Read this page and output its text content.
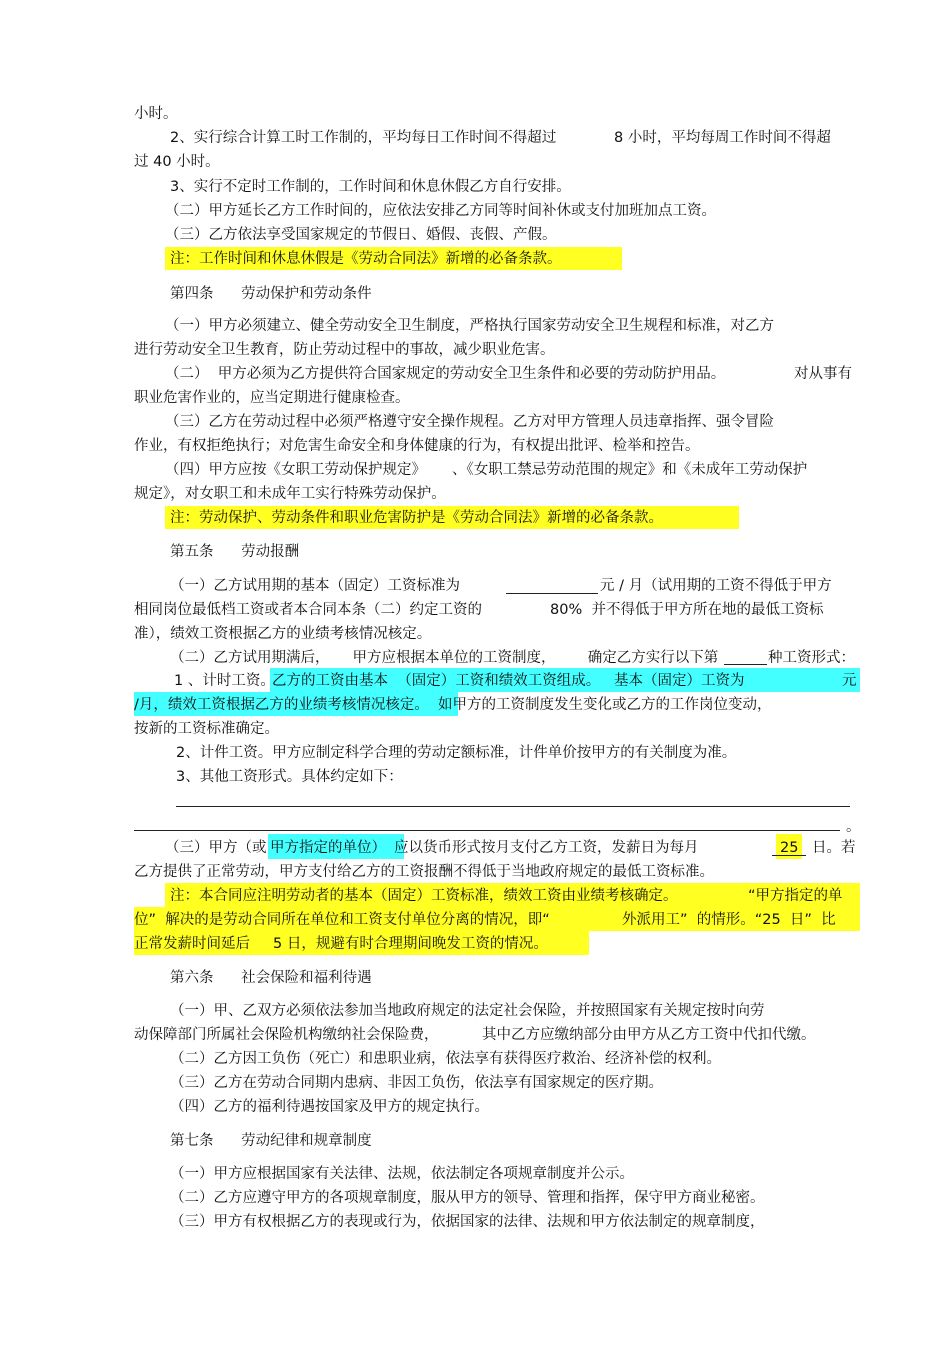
小时。
2、实行综合计算工时工作制的，平均每日工作时间不得超过	8 小时，平均每周工作时间不得超
过 40 小时。
3、实行不定时工作制的，工作时间和休息休假乙方自行安排。
（二）甲方延长乙方工作时间的，应依法安排乙方同等时间补休或支付加班加点工资。
（三）乙方依法享受国家规定的节假日、婚假、丧假、产假。
注：工作时间和休息休假是《劳动合同法》新增的必备条款。
第四条      劳动保护和劳动条件
（一）甲方必须建立、健全劳动安全卫生制度，严格执行国家劳动安全卫生规程和标准，对乙方
进行劳动安全卫生教育，防止劳动过程中的事故，减少职业危害。
（二）  甲方必须为乙方提供符合国家规定的劳动安全卫生条件和必要的劳动防护用品。	对从事有
职业危害作业的，应当定期进行健康检查。
（三）乙方在劳动过程中必须严格遵守安全操作规程。乙方对甲方管理人员违章指挥、强令冒险
作业，有权拒绝执行；对危害生命安全和身体健康的行为，有权提出批评、检举和控告。
（四）甲方应按《女职工劳动保护规定》 、《女职工禁忌劳动范围的规定》和《未成年工劳动保护
规定》，对女职工和未成年工实行特殊劳动保护。
注：劳动保护、劳动条件和职业危害防护是《劳动合同法》新增的必备条款。
第五条      劳动报酬
（一）乙方试用期的基本（固定）工资标准为	元 / 月（试用期的工资不得低于甲方
相同岗位最低档工资或者本合同本条（二）约定工资的	80%  并不得低于甲方所在地的最低工资标
准），绩效工资根据乙方的业绩考核情况核定。
（二）乙方试用期满后，     甲方应根据本单位的工资制度，       确定乙方实行以下第	种工资形式：
1 、计时工资。
乙方的工资由基本  （固定）工资和绩效工资组成。   基本（固定）工资为	元
/月，绩效工资根据乙方的业绩考核情况核定。 如甲方的工资制度发生变化或乙方的工作岗位变动，
按新的工资标准确定。
2、计件工资。甲方应制定科学合理的劳动定额标准，计件单价按甲方的有关制度为准。
3、其他工资形式。具体约定如下：
。
（三）甲方（或 甲方指定的单位） 应以货币形式按月支付乙方工资，发薪日为每月	25 日。若
乙方提供了正常劳动，甲方支付给乙方的工资报酬不得低于当地政府规定的最低工资标准。
注：本合同应注明劳动者的基本（固定）工资标准，绩效工资由业绩考核确定。	“甲方指定的单
位”  解决的是劳动合同所在单位和工资支付单位分离的情况，即“	外派用工”  的情形。“25  日”  比
正常发薪时间延后     5 日，规避有时合理期间晚发工资的情况。
第六条      社会保险和福利待遇
（一）甲、乙双方必须依法参加当地政府规定的法定社会保险，并按照国家有关规定按时向劳
动保障部门所属社会保险机构缴纳社会保险费，	其中乙方应缴纳部分由甲方从乙方工资中代扣代缴。
（二）乙方因工负伤（死亡）和患职业病，依法享有获得医疗救治、经济补偿的权利。
（三）乙方在劳动合同期内患病、非因工负伤，依法享有国家规定的医疗期。
（四）乙方的福利待遇按国家及甲方的规定执行。
第七条      劳动纪律和规章制度
（一）甲方应根据国家有关法律、法规，依法制定各项规章制度并公示。
（二）乙方应遵守甲方的各项规章制度，服从甲方的领导、管理和指挥，保守甲方商业秘密。
（三）甲方有权根据乙方的表现或行为，依据国家的法律、法规和甲方依法制定的规章制度，
